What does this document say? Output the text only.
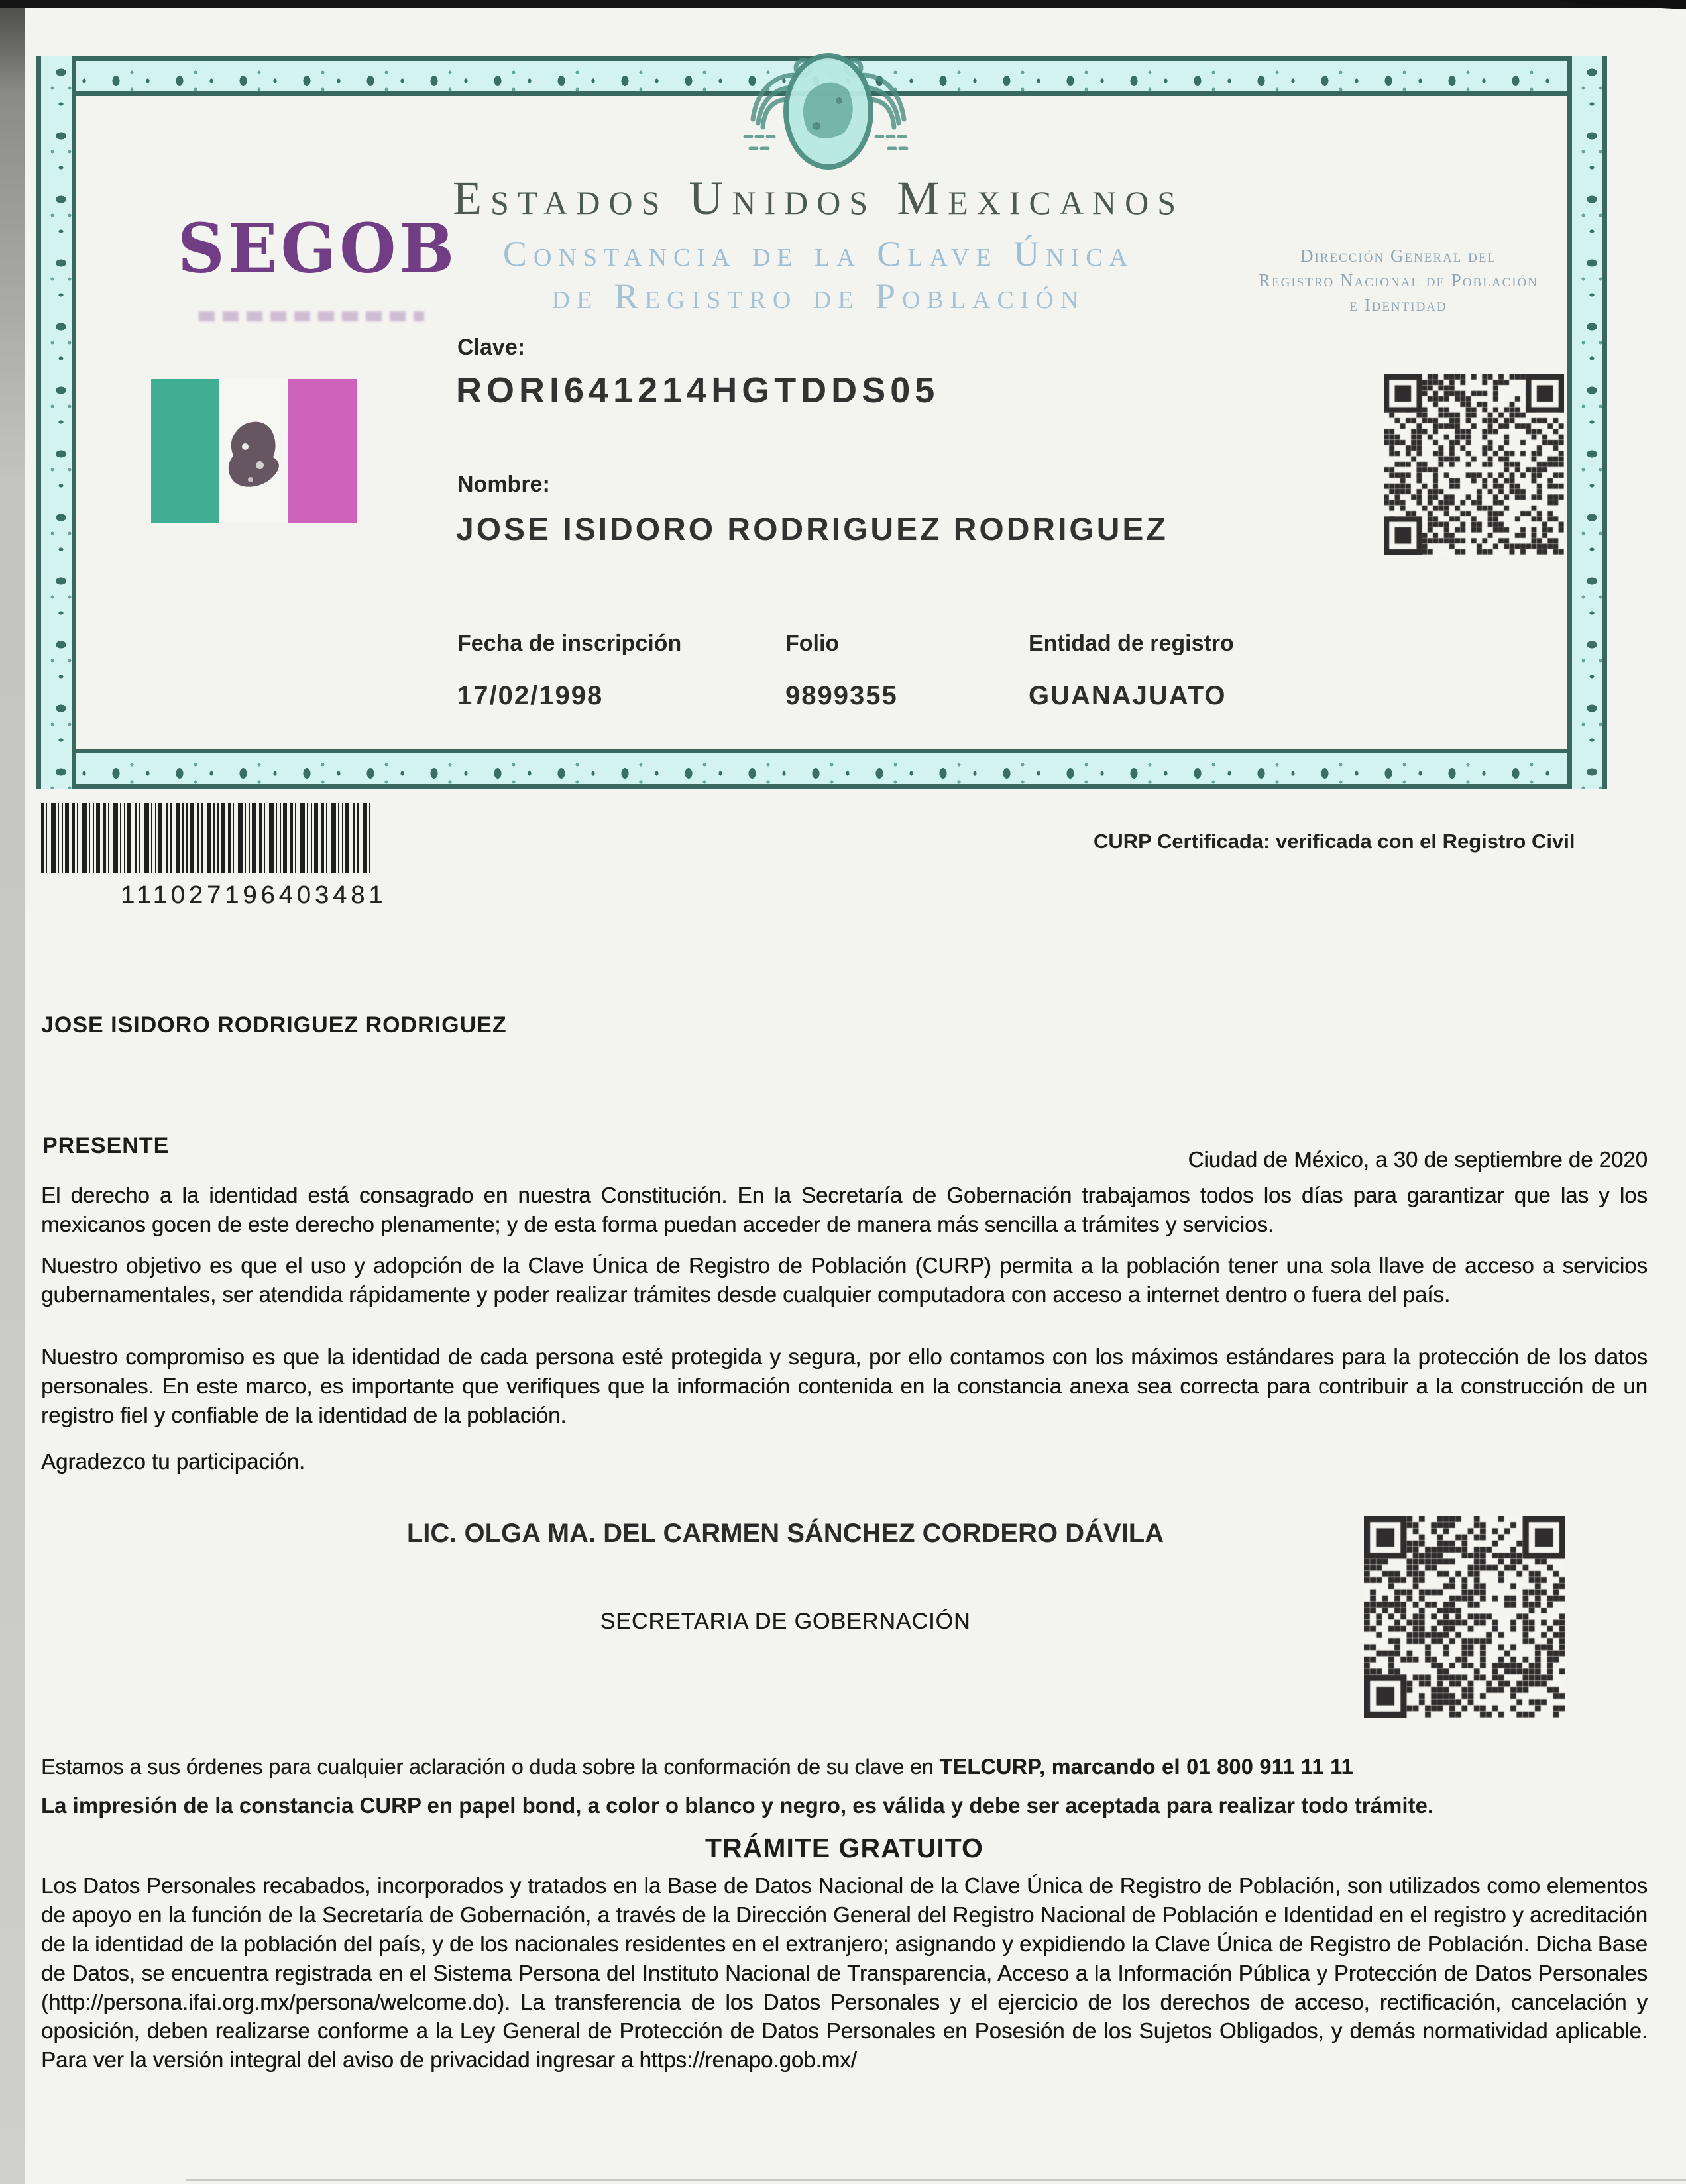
SEGOB
Estados Unidos Mexicanos
Constancia de la Clave Única
de Registro de Población
Dirección General del
Registro Nacional de Población
e Identidad
Clave:
RORI641214HGTDDS05
Nombre:
JOSE ISIDORO RODRIGUEZ RODRIGUEZ
Fecha de inscripción	Folio	Entidad de registro
17/02/1998	9899355	GUANAJUATO
111027196403481
CURP Certificada: verificada con el Registro Civil
JOSE ISIDORO RODRIGUEZ RODRIGUEZ
PRESENTE
Ciudad de México, a 30 de septiembre de 2020
El derecho a la identidad está consagrado en nuestra Constitución. En la Secretaría de Gobernación trabajamos todos los días para garantizar que las y los mexicanos gocen de este derecho plenamente; y de esta forma puedan acceder de manera más sencilla a trámites y servicios.
Nuestro objetivo es que el uso y adopción de la Clave Única de Registro de Población (CURP) permita a la población tener una sola llave de acceso a servicios gubernamentales, ser atendida rápidamente y poder realizar trámites desde cualquier computadora con acceso a internet dentro o fuera del país.
Nuestro compromiso es que la identidad de cada persona esté protegida y segura, por ello contamos con los máximos estándares para la protección de los datos personales. En este marco, es importante que verifiques que la información contenida en la constancia anexa sea correcta para contribuir a la construcción de un registro fiel y confiable de la identidad de la población.
Agradezco tu participación.
LIC. OLGA MA. DEL CARMEN SÁNCHEZ CORDERO DÁVILA
SECRETARIA DE GOBERNACIÓN
Estamos a sus órdenes para cualquier aclaración o duda sobre la conformación de su clave en TELCURP, marcando el 01 800 911 11 11
La impresión de la constancia CURP en papel bond, a color o blanco y negro, es válida y debe ser aceptada para realizar todo trámite.
TRÁMITE GRATUITO
Los Datos Personales recabados, incorporados y tratados en la Base de Datos Nacional de la Clave Única de Registro de Población, son utilizados como elementos de apoyo en la función de la Secretaría de Gobernación, a través de la Dirección General del Registro Nacional de Población e Identidad en el registro y acreditación de la identidad de la población del país, y de los nacionales residentes en el extranjero; asignando y expidiendo la Clave Única de Registro de Población. Dicha Base de Datos, se encuentra registrada en el Sistema Persona del Instituto Nacional de Transparencia, Acceso a la Información Pública y Protección de Datos Personales (http://persona.ifai.org.mx/persona/welcome.do). La transferencia de los Datos Personales y el ejercicio de los derechos de acceso, rectificación, cancelación y oposición, deben realizarse conforme a la Ley General de Protección de Datos Personales en Posesión de los Sujetos Obligados, y demás normatividad aplicable. Para ver la versión integral del aviso de privacidad ingresar a https://renapo.gob.mx/
